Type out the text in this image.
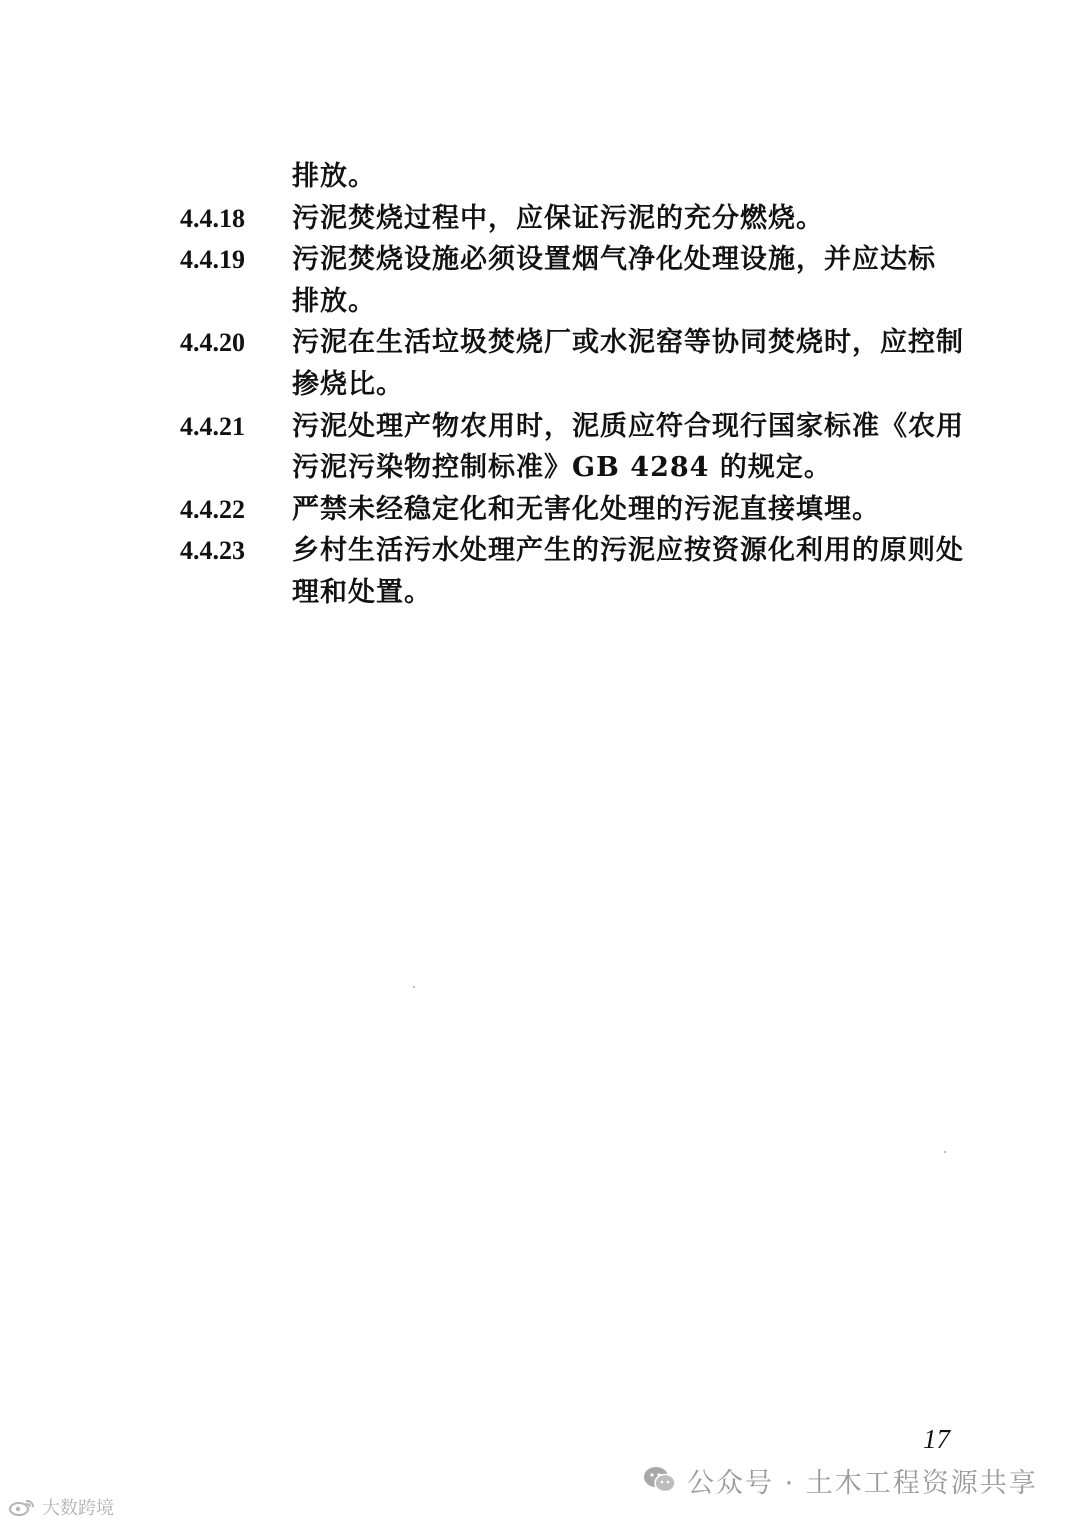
排放。
4.4.18 污泥焚烧过程中，应保证污泥的充分燃烧。
4.4.19 污泥焚烧设施必须设置烟气净化处理设施，并应达标
排放。
4.4.20 污泥在生活垃圾焚烧厂或水泥窑等协同焚烧时，应控制
掺烧比。
4.4.21 污泥处理产物农用时，泥质应符合现行国家标准《农用
污泥污染物控制标准》GB 4284 的规定。
4.4.22 严禁未经稳定化和无害化处理的污泥直接填埋。
4.4.23 乡村生活污水处理产生的污泥应按资源化利用的原则处
理和处置。
17
公众号 · 土木工程资源共享
大数跨境
